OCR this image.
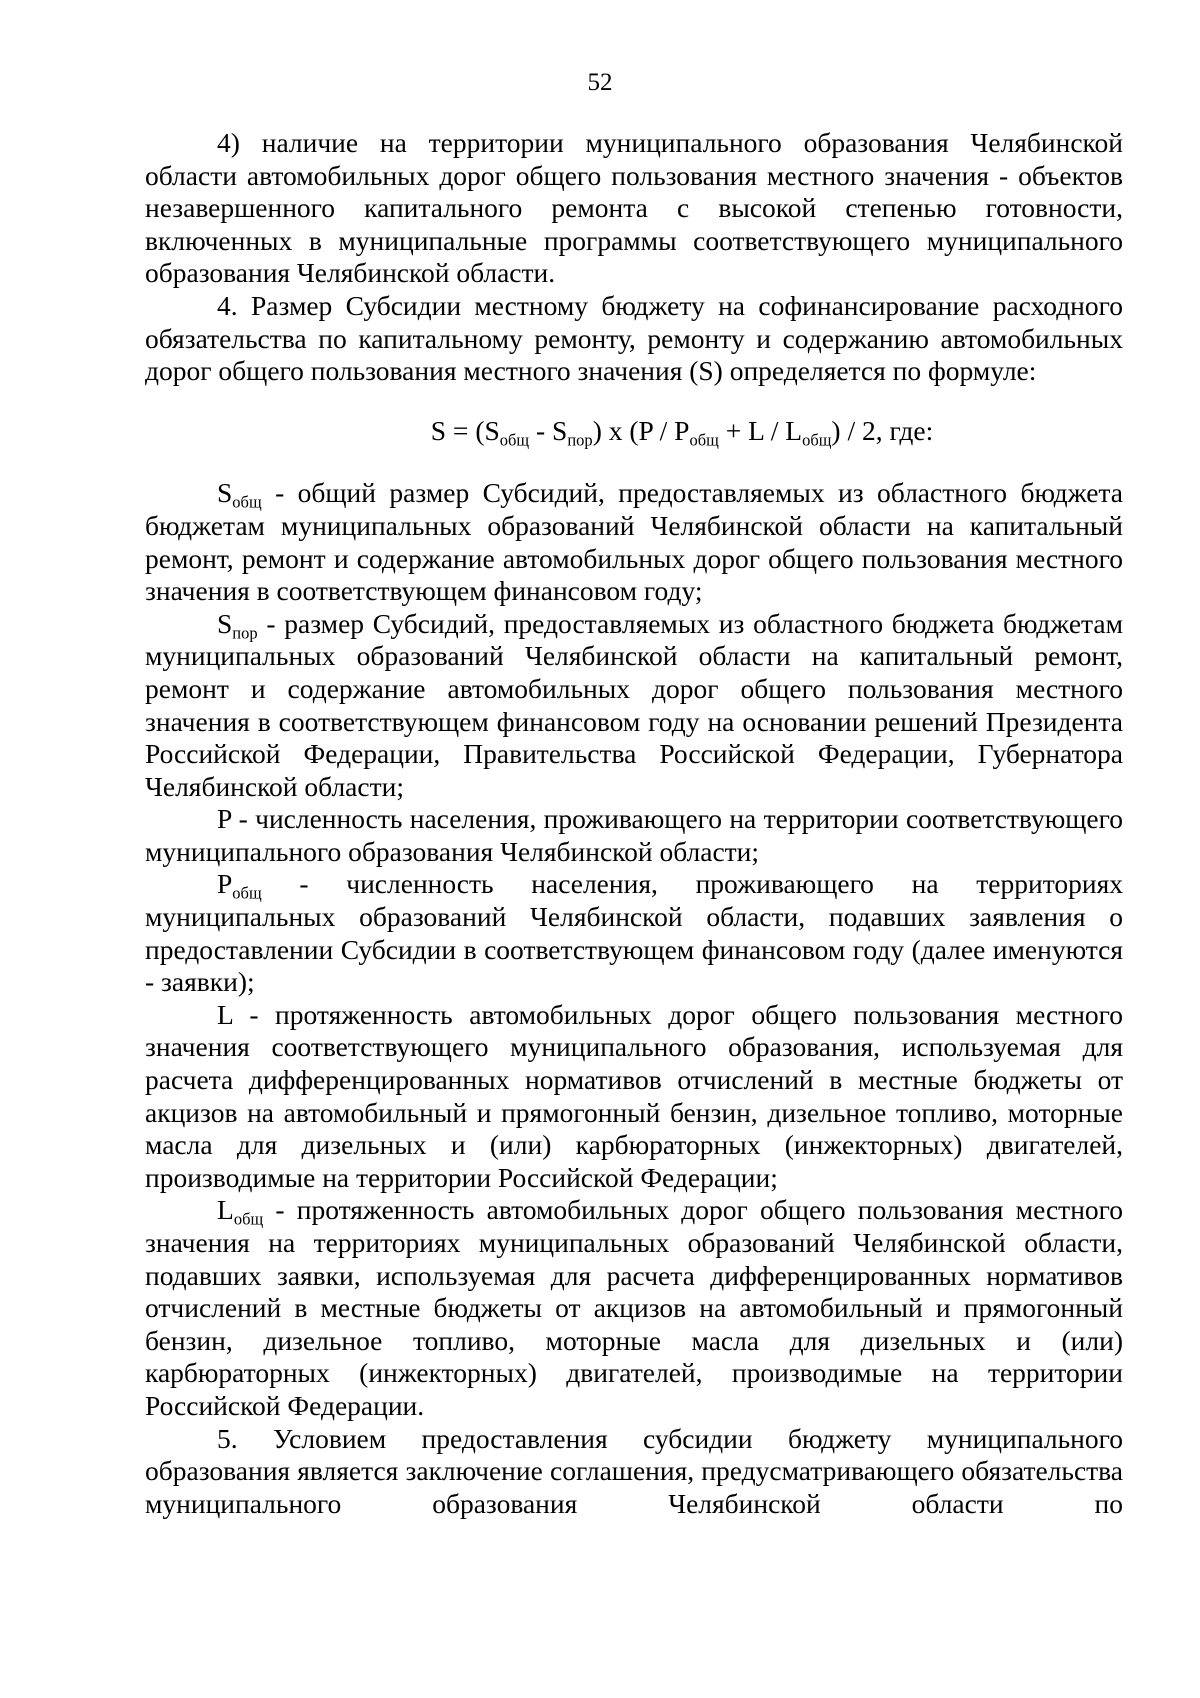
52

4) наличие на территории муниципального образования Челябинской области автомобильных дорог общего пользования местного значения - объектов незавершенного капитального ремонта с высокой степенью готовности, включенных в муниципальные программы соответствующего муниципального образования Челябинской области.

4. Размер Субсидии местному бюджету на софинансирование расходного обязательства по капитальному ремонту, ремонту и содержанию автомобильных дорог общего пользования местного значения (S) определяется по формуле:

$S = (S_{общ} - S_{пор})$ x $(P / P_{общ} + L / L_{общ}) / 2$, где:

$S_{общ}$ - общий размер Субсидий, предоставляемых из областного бюджета бюджетам муниципальных образований Челябинской области на капитальный ремонт, ремонт и содержание автомобильных дорог общего пользования местного значения в соответствующем финансовом году;

$S_{пор}$ - размер Субсидий, предоставляемых из областного бюджета бюджетам муниципальных образований Челябинской области на капитальный ремонт, ремонт и содержание автомобильных дорог общего пользования местного значения в соответствующем финансовом году на основании решений Президента Российской Федерации, Правительства Российской Федерации, Губернатора Челябинской области;

P - численность населения, проживающего на территории соответствующего муниципального образования Челябинской области;

$P_{общ}$ - численность населения, проживающего на территориях муниципальных образований Челябинской области, подавших заявления о предоставлении Субсидии в соответствующем финансовом году (далее именуются - заявки);

L - протяженность автомобильных дорог общего пользования местного значения соответствующего муниципального образования, используемая для расчета дифференцированных нормативов отчислений в местные бюджеты от акцизов на автомобильный и прямогонный бензин, дизельное топливо, моторные масла для дизельных и (или) карбюраторных (инжекторных) двигателей, производимые на территории Российской Федерации;

$L_{общ}$ - протяженность автомобильных дорог общего пользования местного значения на территориях муниципальных образований Челябинской области, подавших заявки, используемая для расчета дифференцированных нормативов отчислений в местные бюджеты от акцизов на автомобильный и прямогонный бензин, дизельное топливо, моторные масла для дизельных и (или) карбюраторных (инжекторных) двигателей, производимые на территории Российской Федерации.

5. Условием предоставления субсидии бюджету муниципального образования является заключение соглашения, предусматривающего обязательства муниципального образования Челябинской области по
